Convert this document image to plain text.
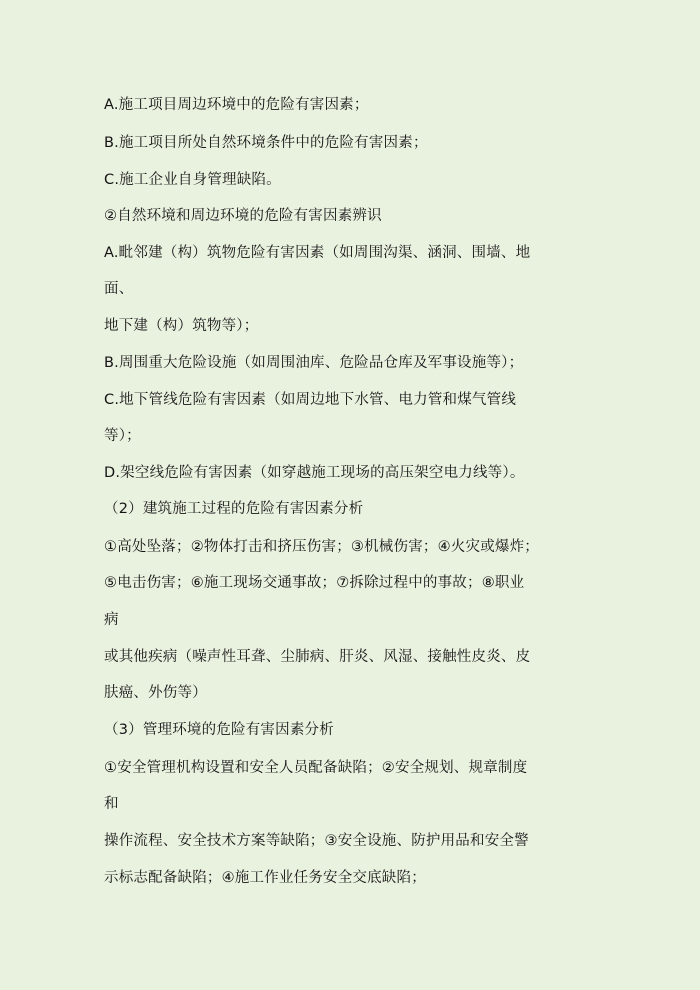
A.施工项目周边环境中的危险有害因素；
B.施工项目所处自然环境条件中的危险有害因素；
C.施工企业自身管理缺陷。
②自然环境和周边环境的危险有害因素辨识
A.毗邻建（构）筑物危险有害因素（如周围沟渠、涵洞、围墙、地
面、
地下建（构）筑物等）；
B.周围重大危险设施（如周围油库、危险品仓库及军事设施等）；
C.地下管线危险有害因素（如周边地下水管、电力管和煤气管线
等）；
D.架空线危险有害因素（如穿越施工现场的高压架空电力线等）。
（2）建筑施工过程的危险有害因素分析
①高处坠落；②物体打击和挤压伤害；③机械伤害；④火灾或爆炸；
⑤电击伤害；⑥施工现场交通事故；⑦拆除过程中的事故；⑧职业
病
或其他疾病（噪声性耳聋、尘肺病、肝炎、风湿、接触性皮炎、皮
肤癌、外伤等）
（3）管理环境的危险有害因素分析
①安全管理机构设置和安全人员配备缺陷；②安全规划、规章制度
和
操作流程、安全技术方案等缺陷；③安全设施、防护用品和安全警
示标志配备缺陷；④施工作业任务安全交底缺陷；
